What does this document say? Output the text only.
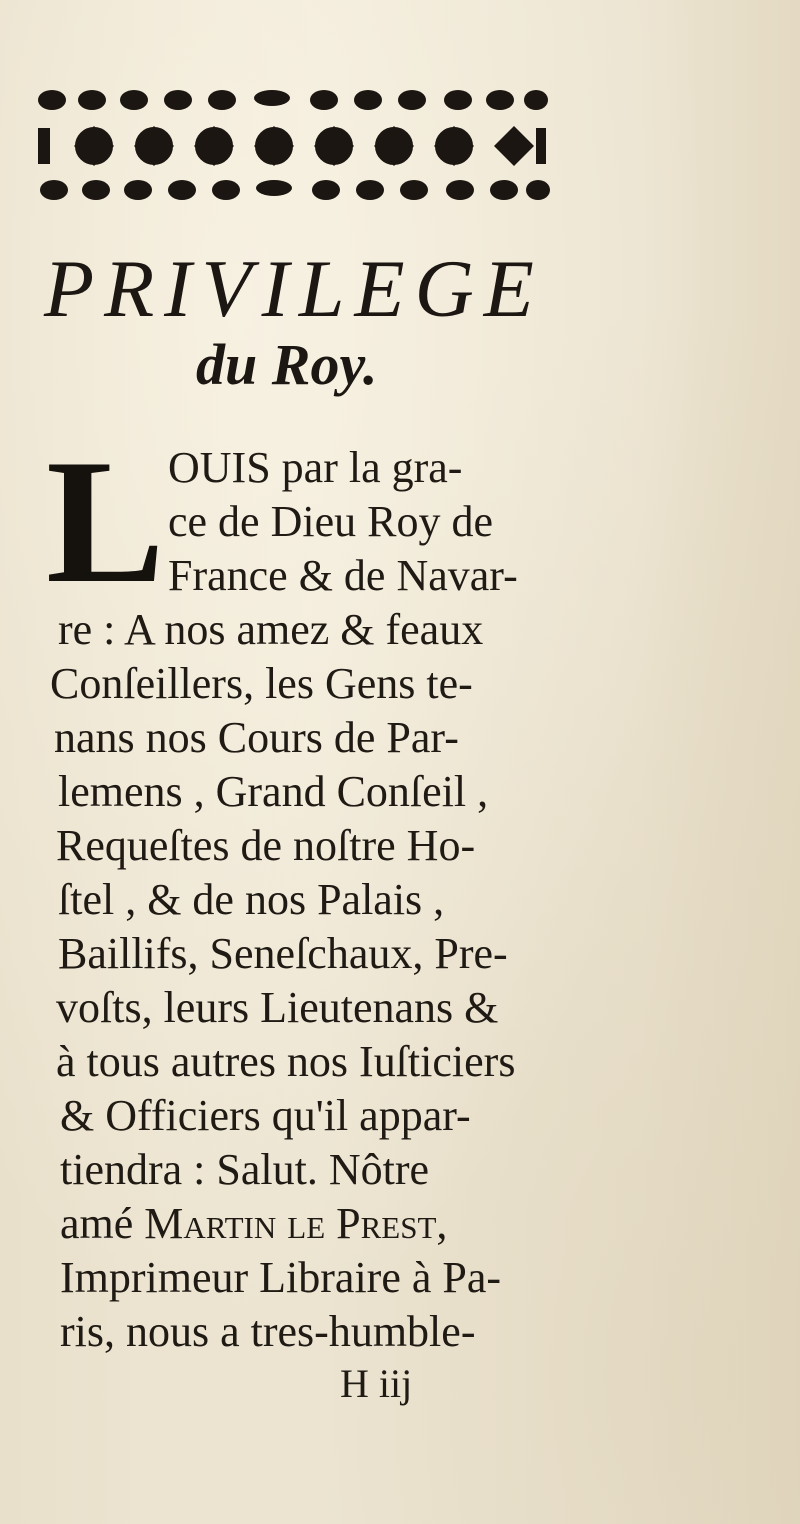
PRIVILEGE
du Roy.
L OUIS par la gra-

ce de Dieu Roy de

France & de Navar-

re : A nos amez & feaux

Conſeillers, les Gens te-

nans nos Cours de Par-

lemens , Grand Conſeil ,

Requeſtes de noſtre Ho-

ſtel , & de nos Palais ,

Baillifs, Seneſchaux, Pre-

voſts, leurs Lieutenans &

à tous autres nos Iuſticiers

& Officiers qu'il appar-

tiendra : Salut. Nôtre

amé Martin le Prest,

Imprimeur Libraire à Pa-

ris, nous a tres-humble-

H iij
